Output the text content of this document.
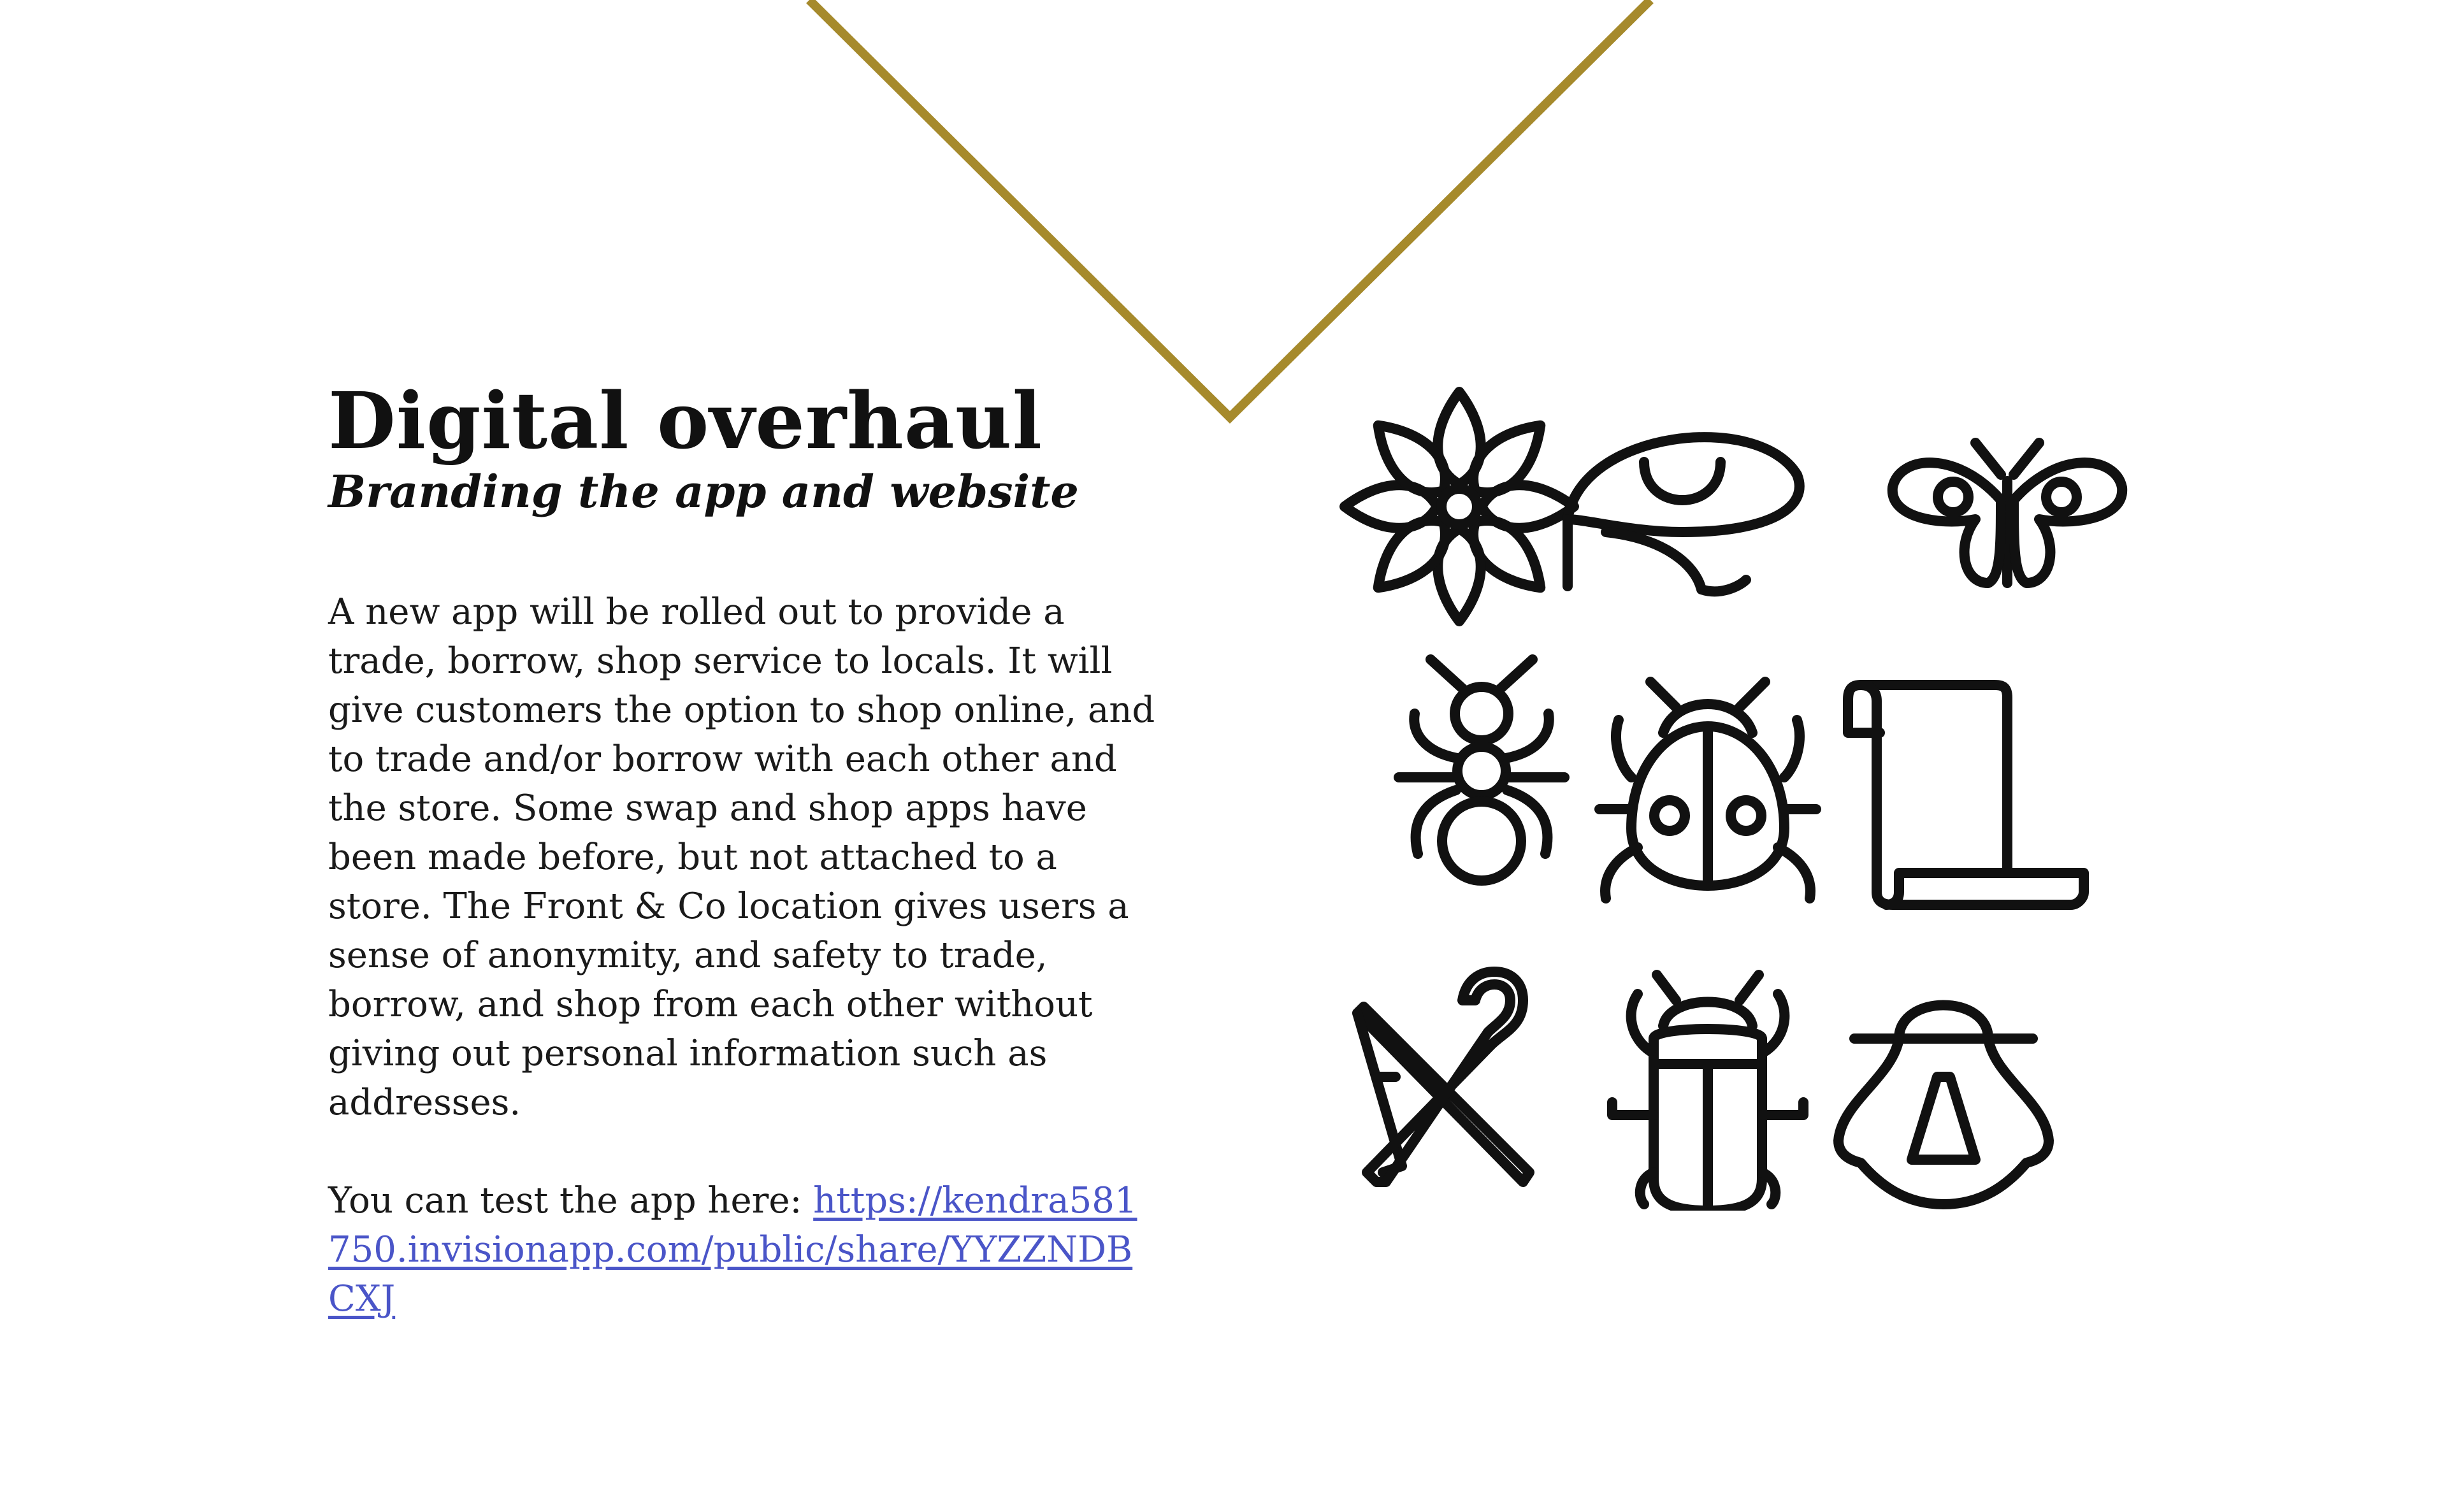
Digital overhaul
Branding the app and website

A new app will be rolled out to provide a trade, borrow, shop service to locals. It will give customers the option to shop online, and to trade and/or borrow with each other and the store. Some swap and shop apps have been made before, but not attached to a store. The Front & Co location gives users a sense of anonymity, and safety to trade, borrow, and shop from each other without giving out personal information such as addresses.

You can test the app here: https://kendra581750.invisionapp.com/public/share/YYZZNDBCXJ
